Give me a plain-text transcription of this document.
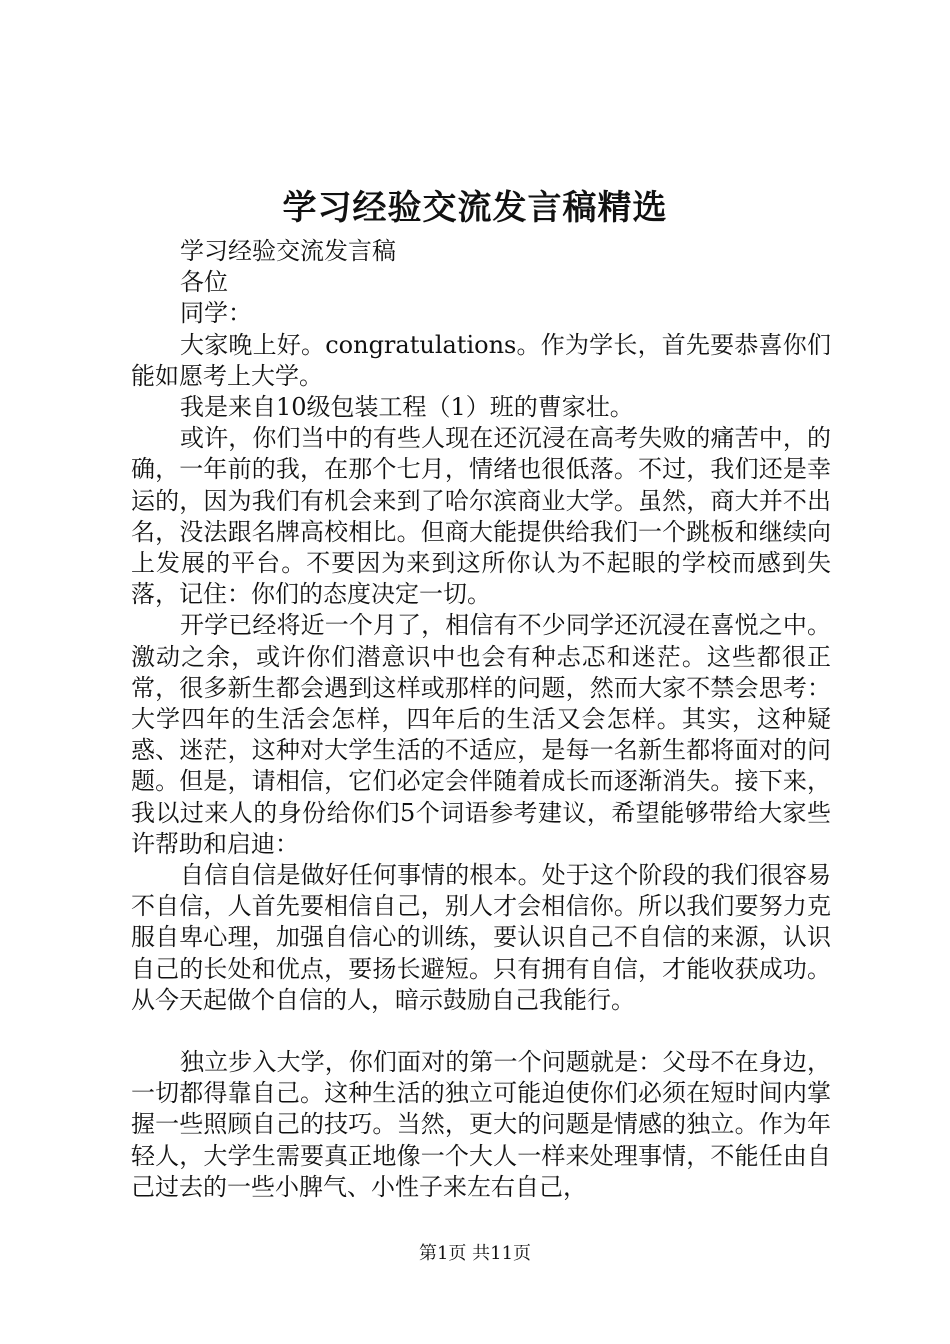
学习经验交流发言稿精选

学习经验交流发言稿

各位

同学：

大家晚上好。congratulations。作为学长，首先要恭喜你们能如愿考上大学。

我是来自10级包装工程（1）班的曹家壮。

或许，你们当中的有些人现在还沉浸在高考失败的痛苦中，的确，一年前的我，在那个七月，情绪也很低落。不过，我们还是幸运的，因为我们有机会来到了哈尔滨商业大学。虽然，商大并不出名，没法跟名牌高校相比。但商大能提供给我们一个跳板和继续向上发展的平台。不要因为来到这所你认为不起眼的学校而感到失落，记住：你们的态度决定一切。

开学已经将近一个月了，相信有不少同学还沉浸在喜悦之中。激动之余，或许你们潜意识中也会有种忐忑和迷茫。这些都很正常，很多新生都会遇到这样或那样的问题，然而大家不禁会思考：大学四年的生活会怎样，四年后的生活又会怎样。其实，这种疑惑、迷茫，这种对大学生活的不适应，是每一名新生都将面对的问题。但是，请相信，它们必定会伴随着成长而逐渐消失。接下来，我以过来人的身份给你们5个词语参考建议，希望能够带给大家些许帮助和启迪：

自信自信是做好任何事情的根本。处于这个阶段的我们很容易不自信，人首先要相信自己，别人才会相信你。所以我们要努力克服自卑心理，加强自信心的训练，要认识自己不自信的来源，认识自己的长处和优点，要扬长避短。只有拥有自信，才能收获成功。从今天起做个自信的人，暗示鼓励自己我能行。

独立步入大学，你们面对的第一个问题就是：父母不在身边，一切都得靠自己。这种生活的独立可能迫使你们必须在短时间内掌握一些照顾自己的技巧。当然，更大的问题是情感的独立。作为年轻人，大学生需要真正地像一个大人一样来处理事情，不能任由自己过去的一些小脾气、小性子来左右自己，

第1页 共11页
